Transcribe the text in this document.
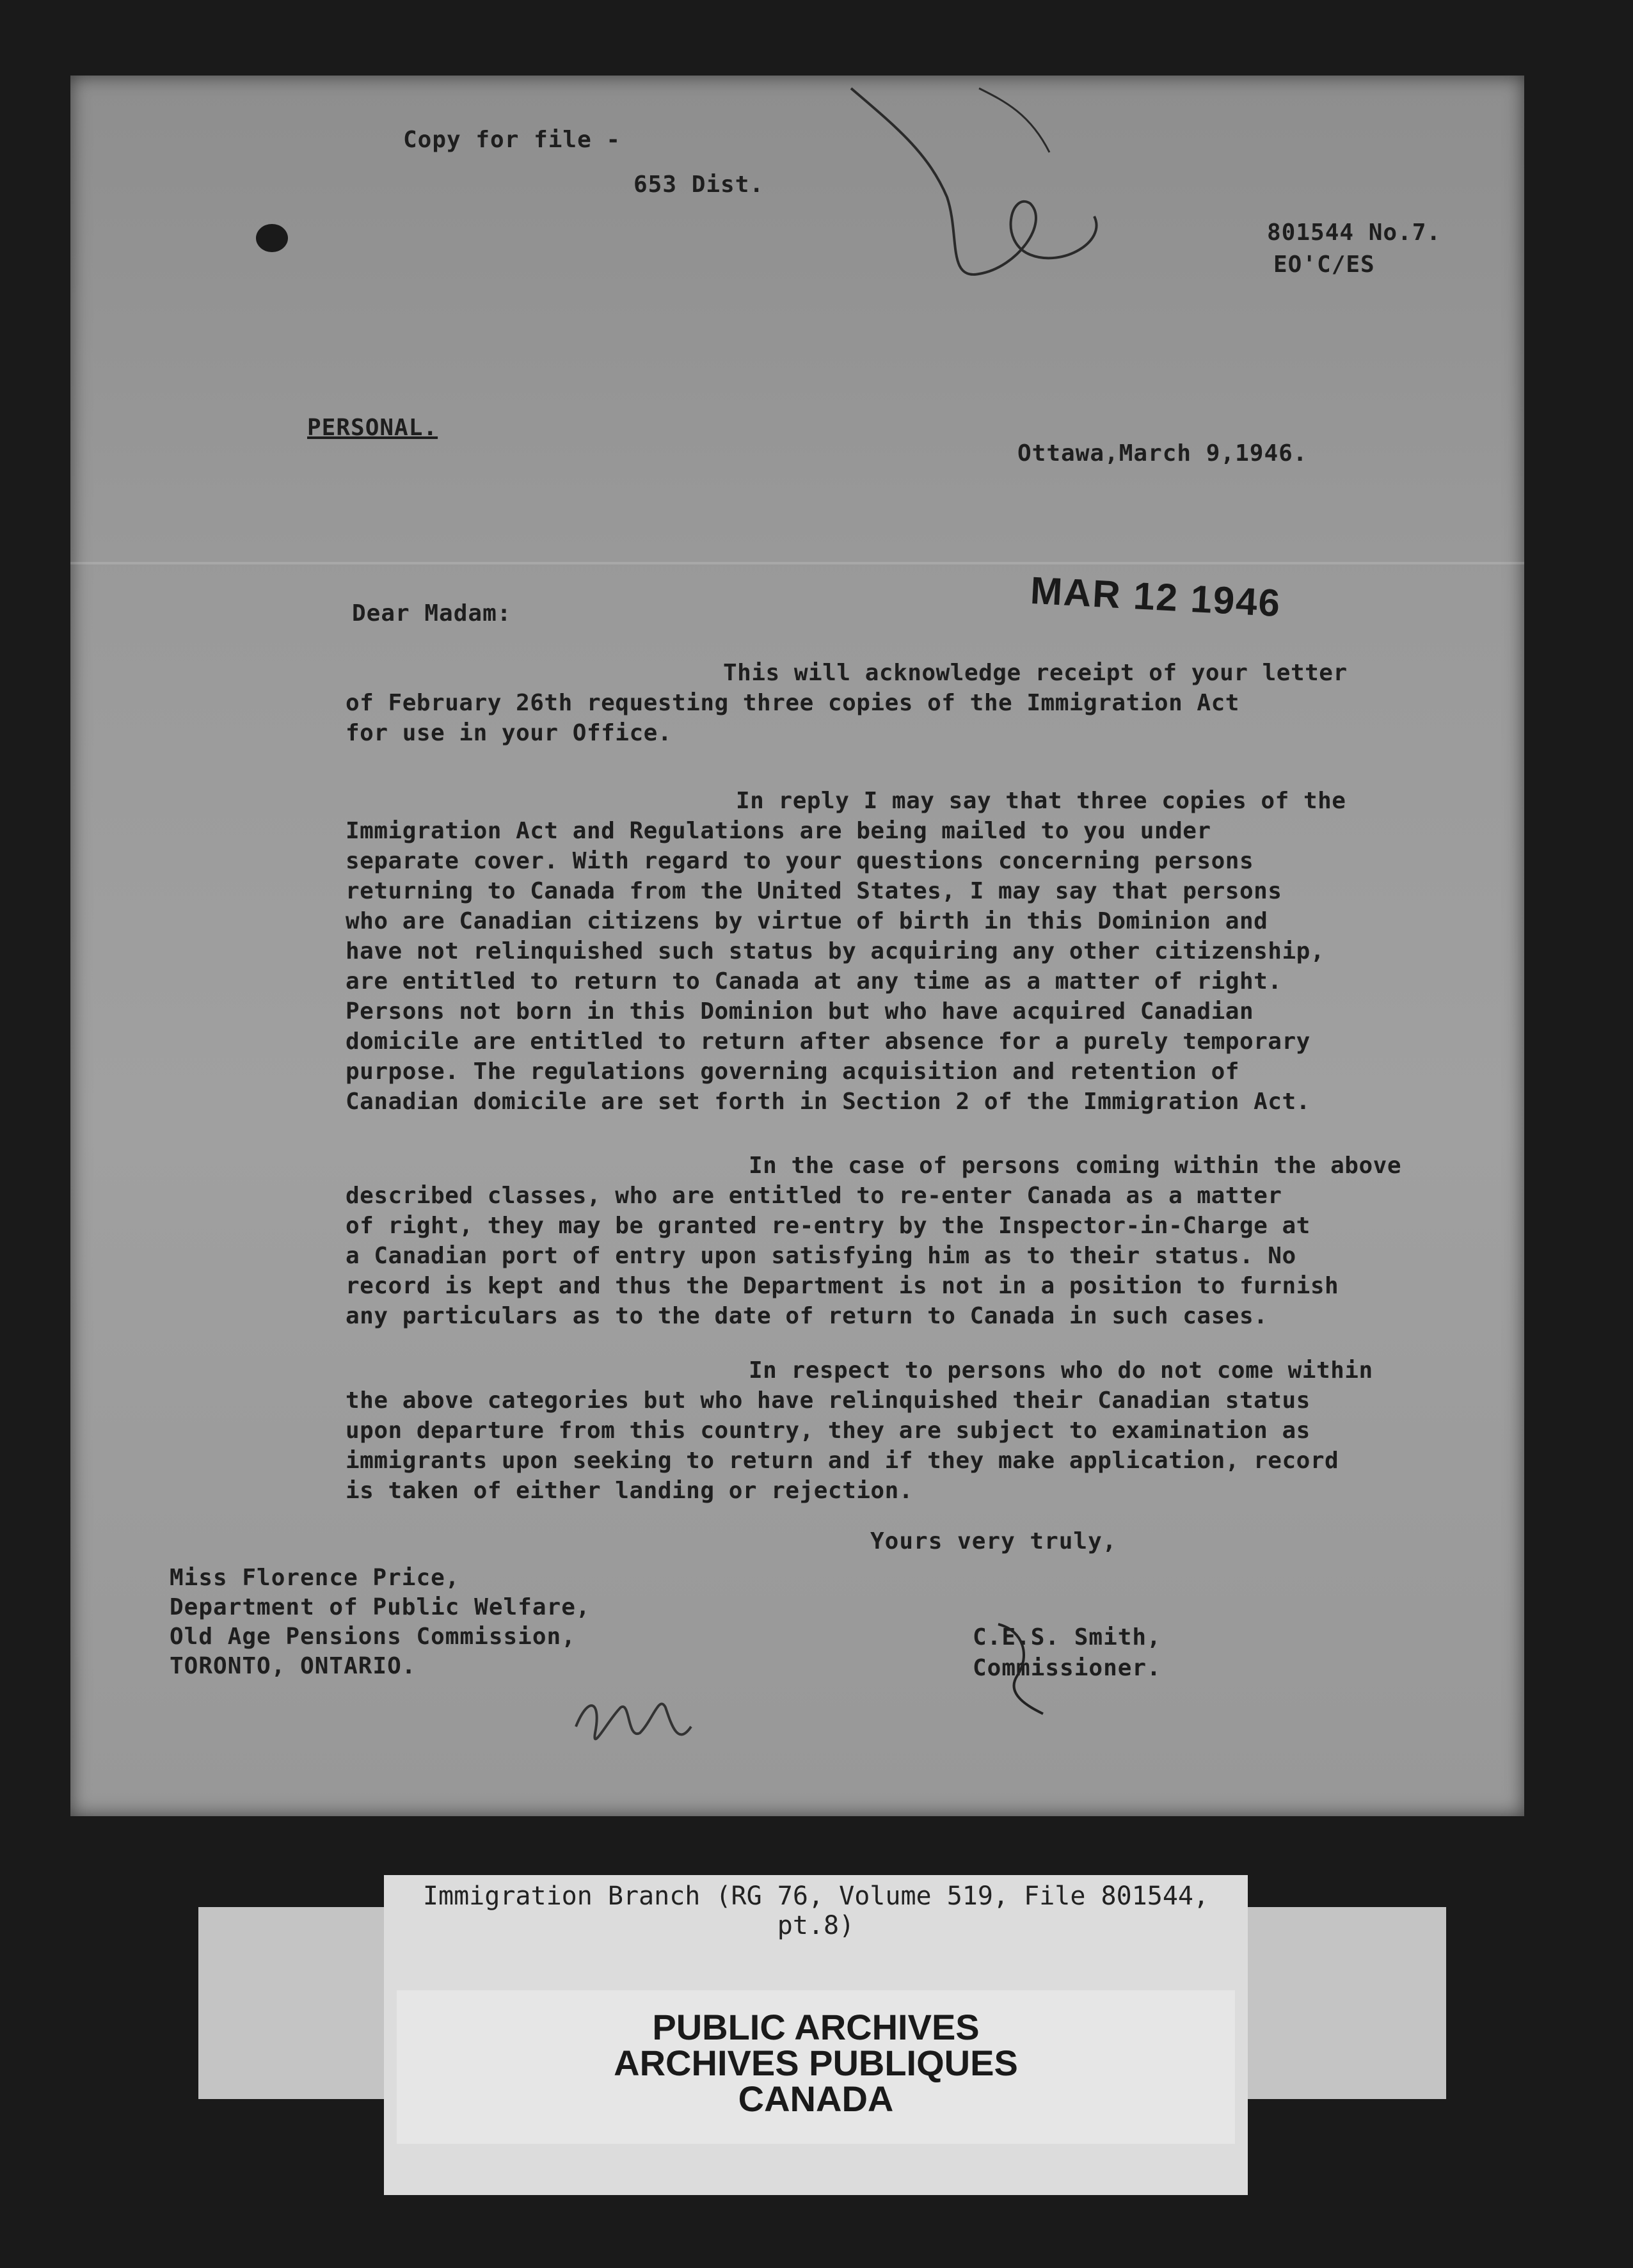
Copy for file -

653 Dist.

801544 No.7.

EO'C/ES

PERSONAL.

Ottawa,March 9,1946.

MAR 12 1946

Dear Madam:

This will acknowledge receipt of your letter
of February 26th requesting three copies of the Immigration Act
for use in your Office.

In reply I may say that three copies of the
Immigration Act and Regulations are being mailed to you under
separate cover. With regard to your questions concerning persons
returning to Canada from the United States, I may say that persons
who are Canadian citizens by virtue of birth in this Dominion and
have not relinquished such status by acquiring any other citizenship,
are entitled to return to Canada at any time as a matter of right.
Persons not born in this Dominion but who have acquired Canadian
domicile are entitled to return after absence for a purely temporary
purpose. The regulations governing acquisition and retention of
Canadian domicile are set forth in Section 2 of the Immigration Act.

In the case of persons coming within the above
described classes, who are entitled to re-enter Canada as a matter
of right, they may be granted re-entry by the Inspector-in-Charge at
a Canadian port of entry upon satisfying him as to their status. No
record is kept and thus the Department is not in a position to furnish
any particulars as to the date of return to Canada in such cases.

In respect to persons who do not come within
the above categories but who have relinquished their Canadian status
upon departure from this country, they are subject to examination as
immigrants upon seeking to return and if they make application, record
is taken of either landing or rejection.

Yours very truly,

Miss Florence Price,

Department of Public Welfare,

Old Age Pensions Commission,

TORONTO, ONTARIO.

C.E.S. Smith,

Commissioner.

Immigration Branch (RG 76, Volume 519, File 801544, pt.8)
PUBLIC ARCHIVES
ARCHIVES PUBLIQUES
CANADA
